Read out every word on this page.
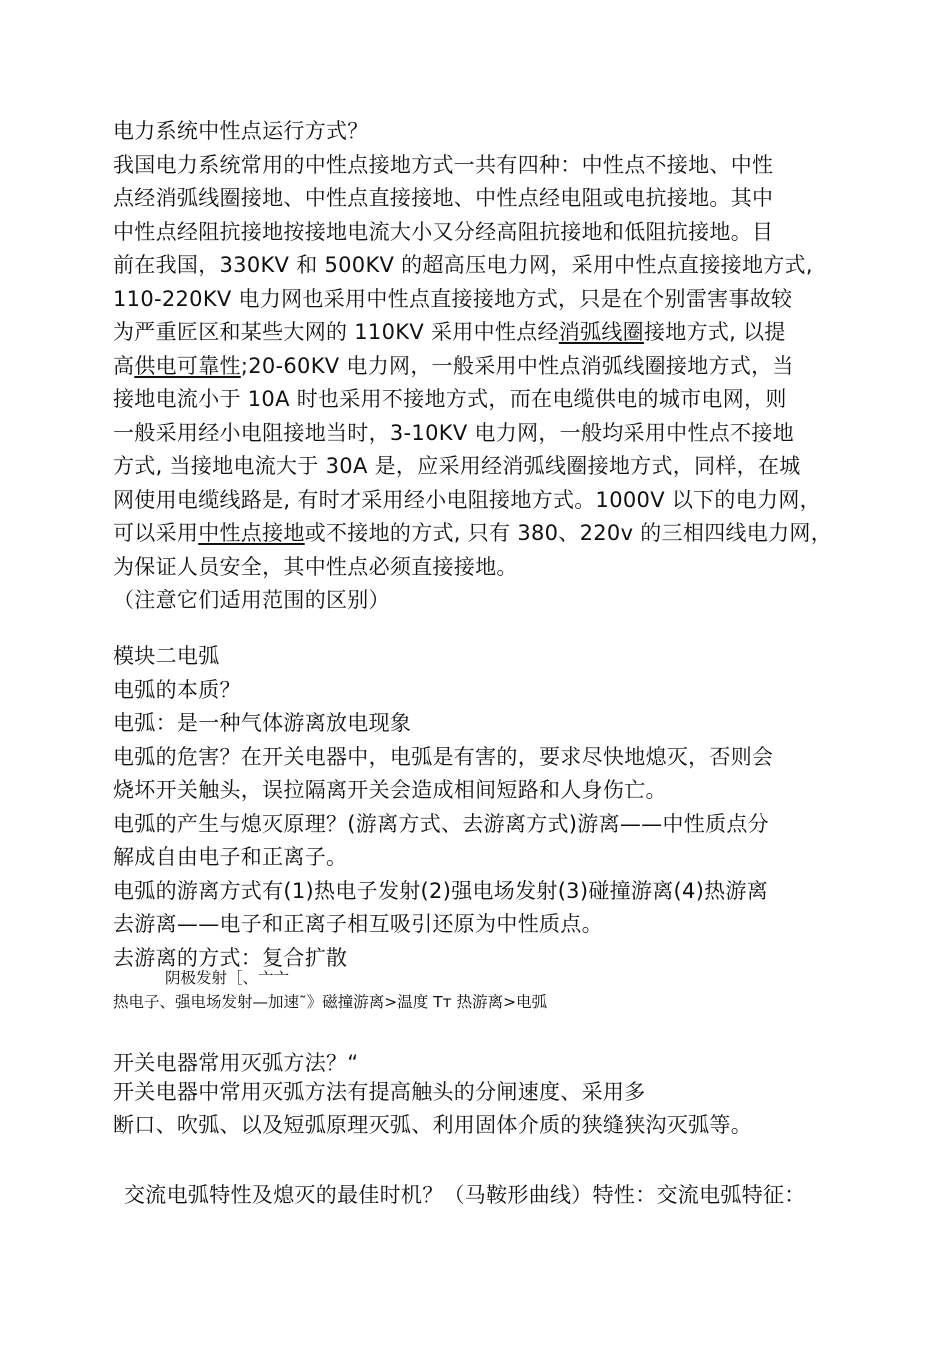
电力系统中性点运行方式？
我国电力系统常用的中性点接地方式一共有四种：中性点不接地、中性
点经消弧线圈接地、中性点直接接地、中性点经电阻或电抗接地。其中
中性点经阻抗接地按接地电流大小又分经高阻抗接地和低阻抗接地。目
前在我国，330KV 和 500KV 的超高压电力网，采用中性点直接接地方式,
110-220KV 电力网也采用中性点直接接地方式，只是在个别雷害事故较
为严重匠区和某些大网的 110KV 采用中性点经消弧线圈接地方式, 以提
高供电可靠性;20-60KV 电力网，一般采用中性点消弧线圈接地方式，当
接地电流小于 10A 时也采用不接地方式，而在电缆供电的城市电网，则
一般采用经小电阻接地当时，3-10KV 电力网，一般均采用中性点不接地
方式, 当接地电流大于 30A 是，应采用经消弧线圈接地方式，同样，在城
网使用电缆线路是, 有时才采用经小电阻接地方式。1000V 以下的电力网，
可以采用中性点接地或不接地的方式, 只有 380、220v 的三相四线电力网，
为保证人员安全，其中性点必须直接接地。
（注意它们适用范围的区别）
模块二电弧
电弧的本质？
电弧：是一种气体游离放电现象
电弧的危害？在开关电器中，电弧是有害的，要求尽快地熄灭，否则会
烧坏开关触头，误拉隔离开关会造成相间短路和人身伤亡。
电弧的产生与熄灭原理？(游离方式、去游离方式)游离——中性质点分
解成自由电子和正离子。
电弧的游离方式有(1)热电子发射(2)强电场发射(3)碰撞游离(4)热游离
去游离——电子和正离子相互吸引还原为中性质点。
去游离的方式：复合扩散
阴极发射［、亠亠
热电子、强电场发射—加速˜》磁撞游离>温度 Tт 热游离>电弧
开关电器常用灭弧方法？“
开关电器中常用灭弧方法有提高触头的分闸速度、采用多
断口、吹弧、以及短弧原理灭弧、利用固体介质的狭缝狭沟灭弧等。
交流电弧特性及熄灭的最佳时机？（马鞍形曲线）特性：交流电弧特征：
